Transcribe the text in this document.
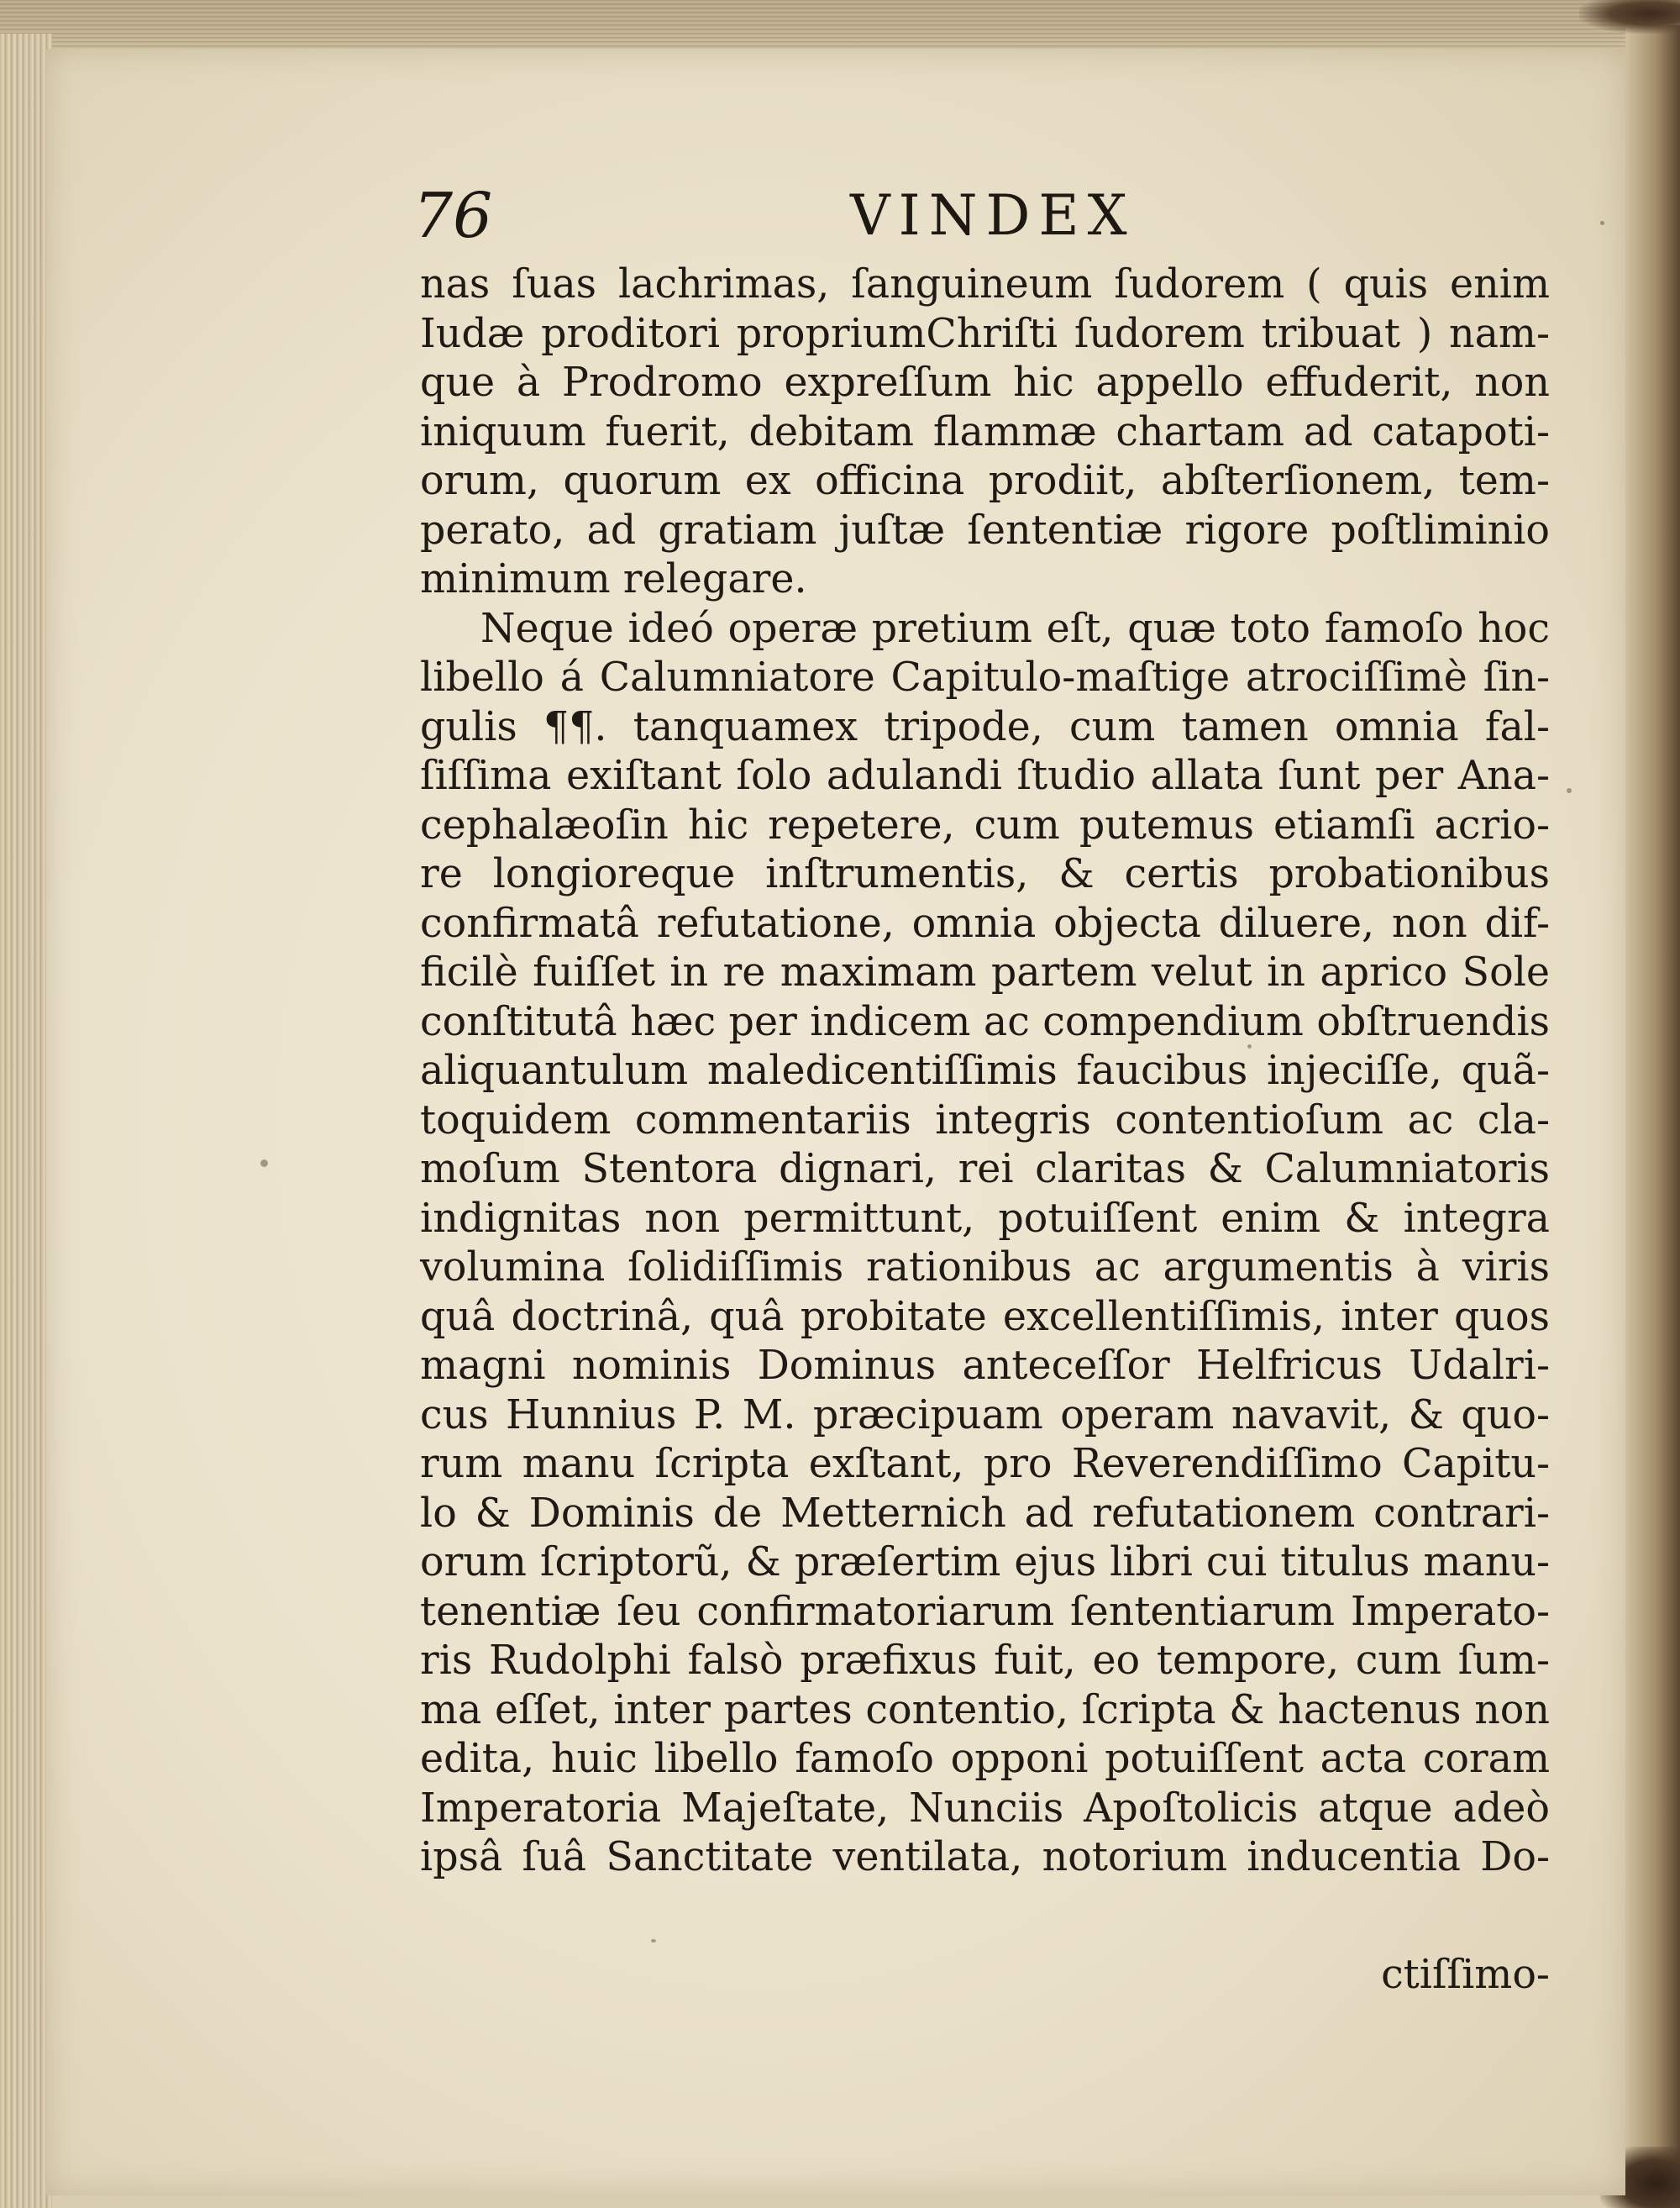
76	VINDEX
nas ſuas lachrimas, ſanguineum ſudorem ( quis enim
Iudæ proditori propriumChriſti ſudorem tribuat ) nam-
que à Prodromo expreſſum hic appello effuderit, non
iniquum fuerit, debitam flammæ chartam ad catapoti-
orum, quorum ex officina prodiit, abſterſionem, tem-
perato, ad gratiam juſtæ ſententiæ rigore poſtliminio
minimum relegare.
Neque ideó operæ pretium eſt, quæ toto famoſo hoc
libello á Calumniatore Capitulo-maſtige atrociſſimè ſin-
gulis ¶¶. tanquamex tripode, cum tamen omnia fal-
ſiſſima exiſtant ſolo adulandi ſtudio allata ſunt per Ana-
cephalæoſin hic repetere, cum putemus etiamſi acrio-
re longioreque inſtrumentis, & certis probationibus
confirmatâ refutatione, omnia objecta diluere, non dif-
ficilè fuiſſet in re maximam partem velut in aprico Sole
conſtitutâ hæc per indicem ac compendium obſtruendis
aliquantulum maledicentiſſimis faucibus injeciſſe, quã-
toquidem commentariis integris contentioſum ac cla-
moſum Stentora dignari, rei claritas & Calumniatoris
indignitas non permittunt, potuiſſent enim & integra
volumina ſolidiſſimis rationibus ac argumentis à viris
quâ doctrinâ, quâ probitate excellentiſſimis, inter quos
magni nominis Dominus anteceſſor Helfricus Udalri-
cus Hunnius P. M. præcipuam operam navavit, & quo-
rum manu ſcripta exſtant, pro Reverendiſſimo Capitu-
lo & Dominis de Metternich ad refutationem contrari-
orum ſcriptorũ, & præſertim ejus libri cui titulus manu-
tenentiæ ſeu confirmatoriarum ſententiarum Imperato-
ris Rudolphi falsò præfixus fuit, eo tempore, cum ſum-
ma eſſet, inter partes contentio, ſcripta & hactenus non
edita, huic libello famoſo opponi potuiſſent acta coram
Imperatoria Majeſtate, Nunciis Apoſtolicis atque adeò
ipsâ ſuâ Sanctitate ventilata, notorium inducentia Do-
ctiſſimo-
